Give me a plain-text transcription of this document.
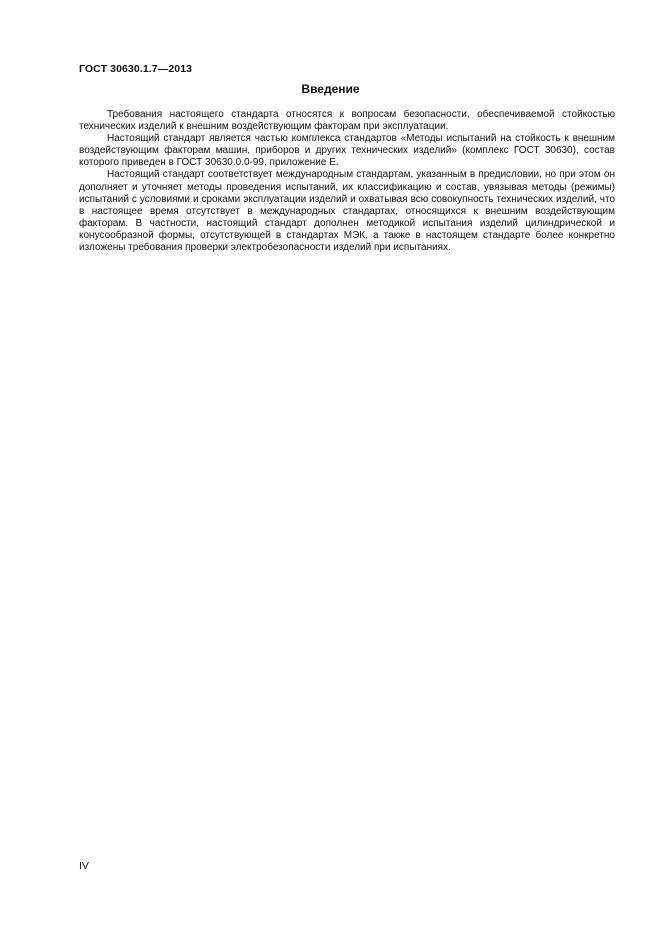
ГОСТ 30630.1.7—2013
Введение

Требования настоящего стандарта относятся к вопросам безопасности, обеспечиваемой стойкостью технических изделий к внешним воздействующим факторам при эксплуатации.

Настоящий стандарт является частью комплекса стандартов «Методы испытаний на стойкость к внешним воздействующим факторам машин, приборов и других технических изделий» (комплекс ГОСТ 30630), состав которого приведен в ГОСТ 30630.0.0-99, приложение Е.

Настоящий стандарт соответствует международным стандартам, указанным в предисловии, но при этом он дополняет и уточняет методы проведения испытаний, их классификацию и состав, увязывая методы (режимы) испытаний с условиями и сроками эксплуатации изделий и охватывая всю совокупность технических изделий, что в настоящее время отсутствует в международных стандартах, относящихся к внешним воздействующим факторам. В частности, настоящий стандарт дополнен методикой испытания изделий цилиндрической и конусообразной формы, отсутствующей в стандартах МЭК, а также в настоящем стандарте более конкретно изложены требования проверки электробезопасности изделий при испытаниях.

IV
